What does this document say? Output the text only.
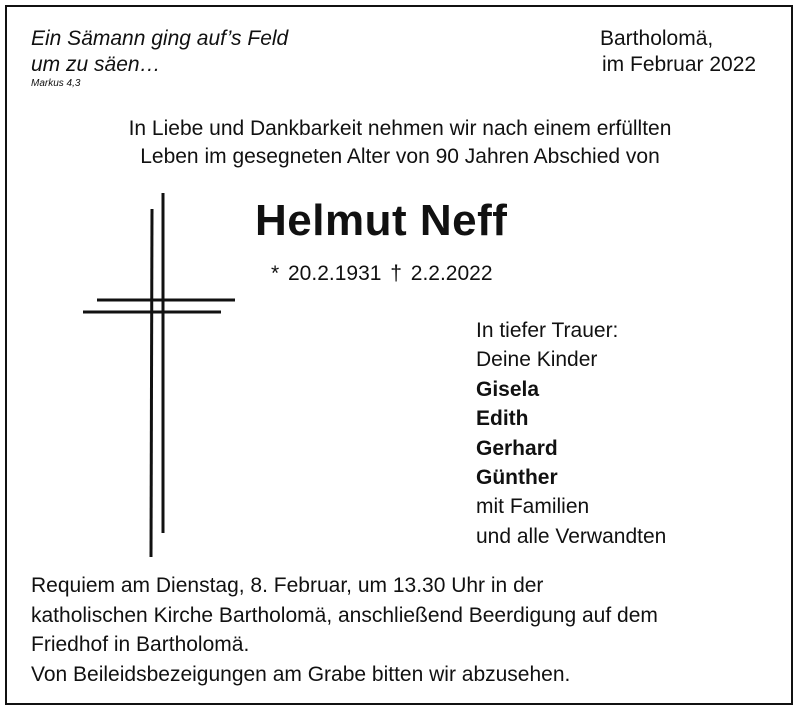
Ein Sämann ging auf’s Feld
um zu säen…
Markus 4,3
Bartholomä,
im Februar 2022
In Liebe und Dankbarkeit nehmen wir nach einem erfüllten
Leben im gesegneten Alter von 90 Jahren Abschied von
Helmut Neff
* 20.2.1931 † 2.2.2022
In tiefer Trauer:
Deine Kinder
Gisela
Edith
Gerhard
Günther
mit Familien
und alle Verwandten
Requiem am Dienstag, 8. Februar, um 13.30 Uhr in der
katholischen Kirche Bartholomä, anschließend Beerdigung auf dem
Friedhof in Bartholomä.
Von Beileidsbezeigungen am Grabe bitten wir abzusehen.
